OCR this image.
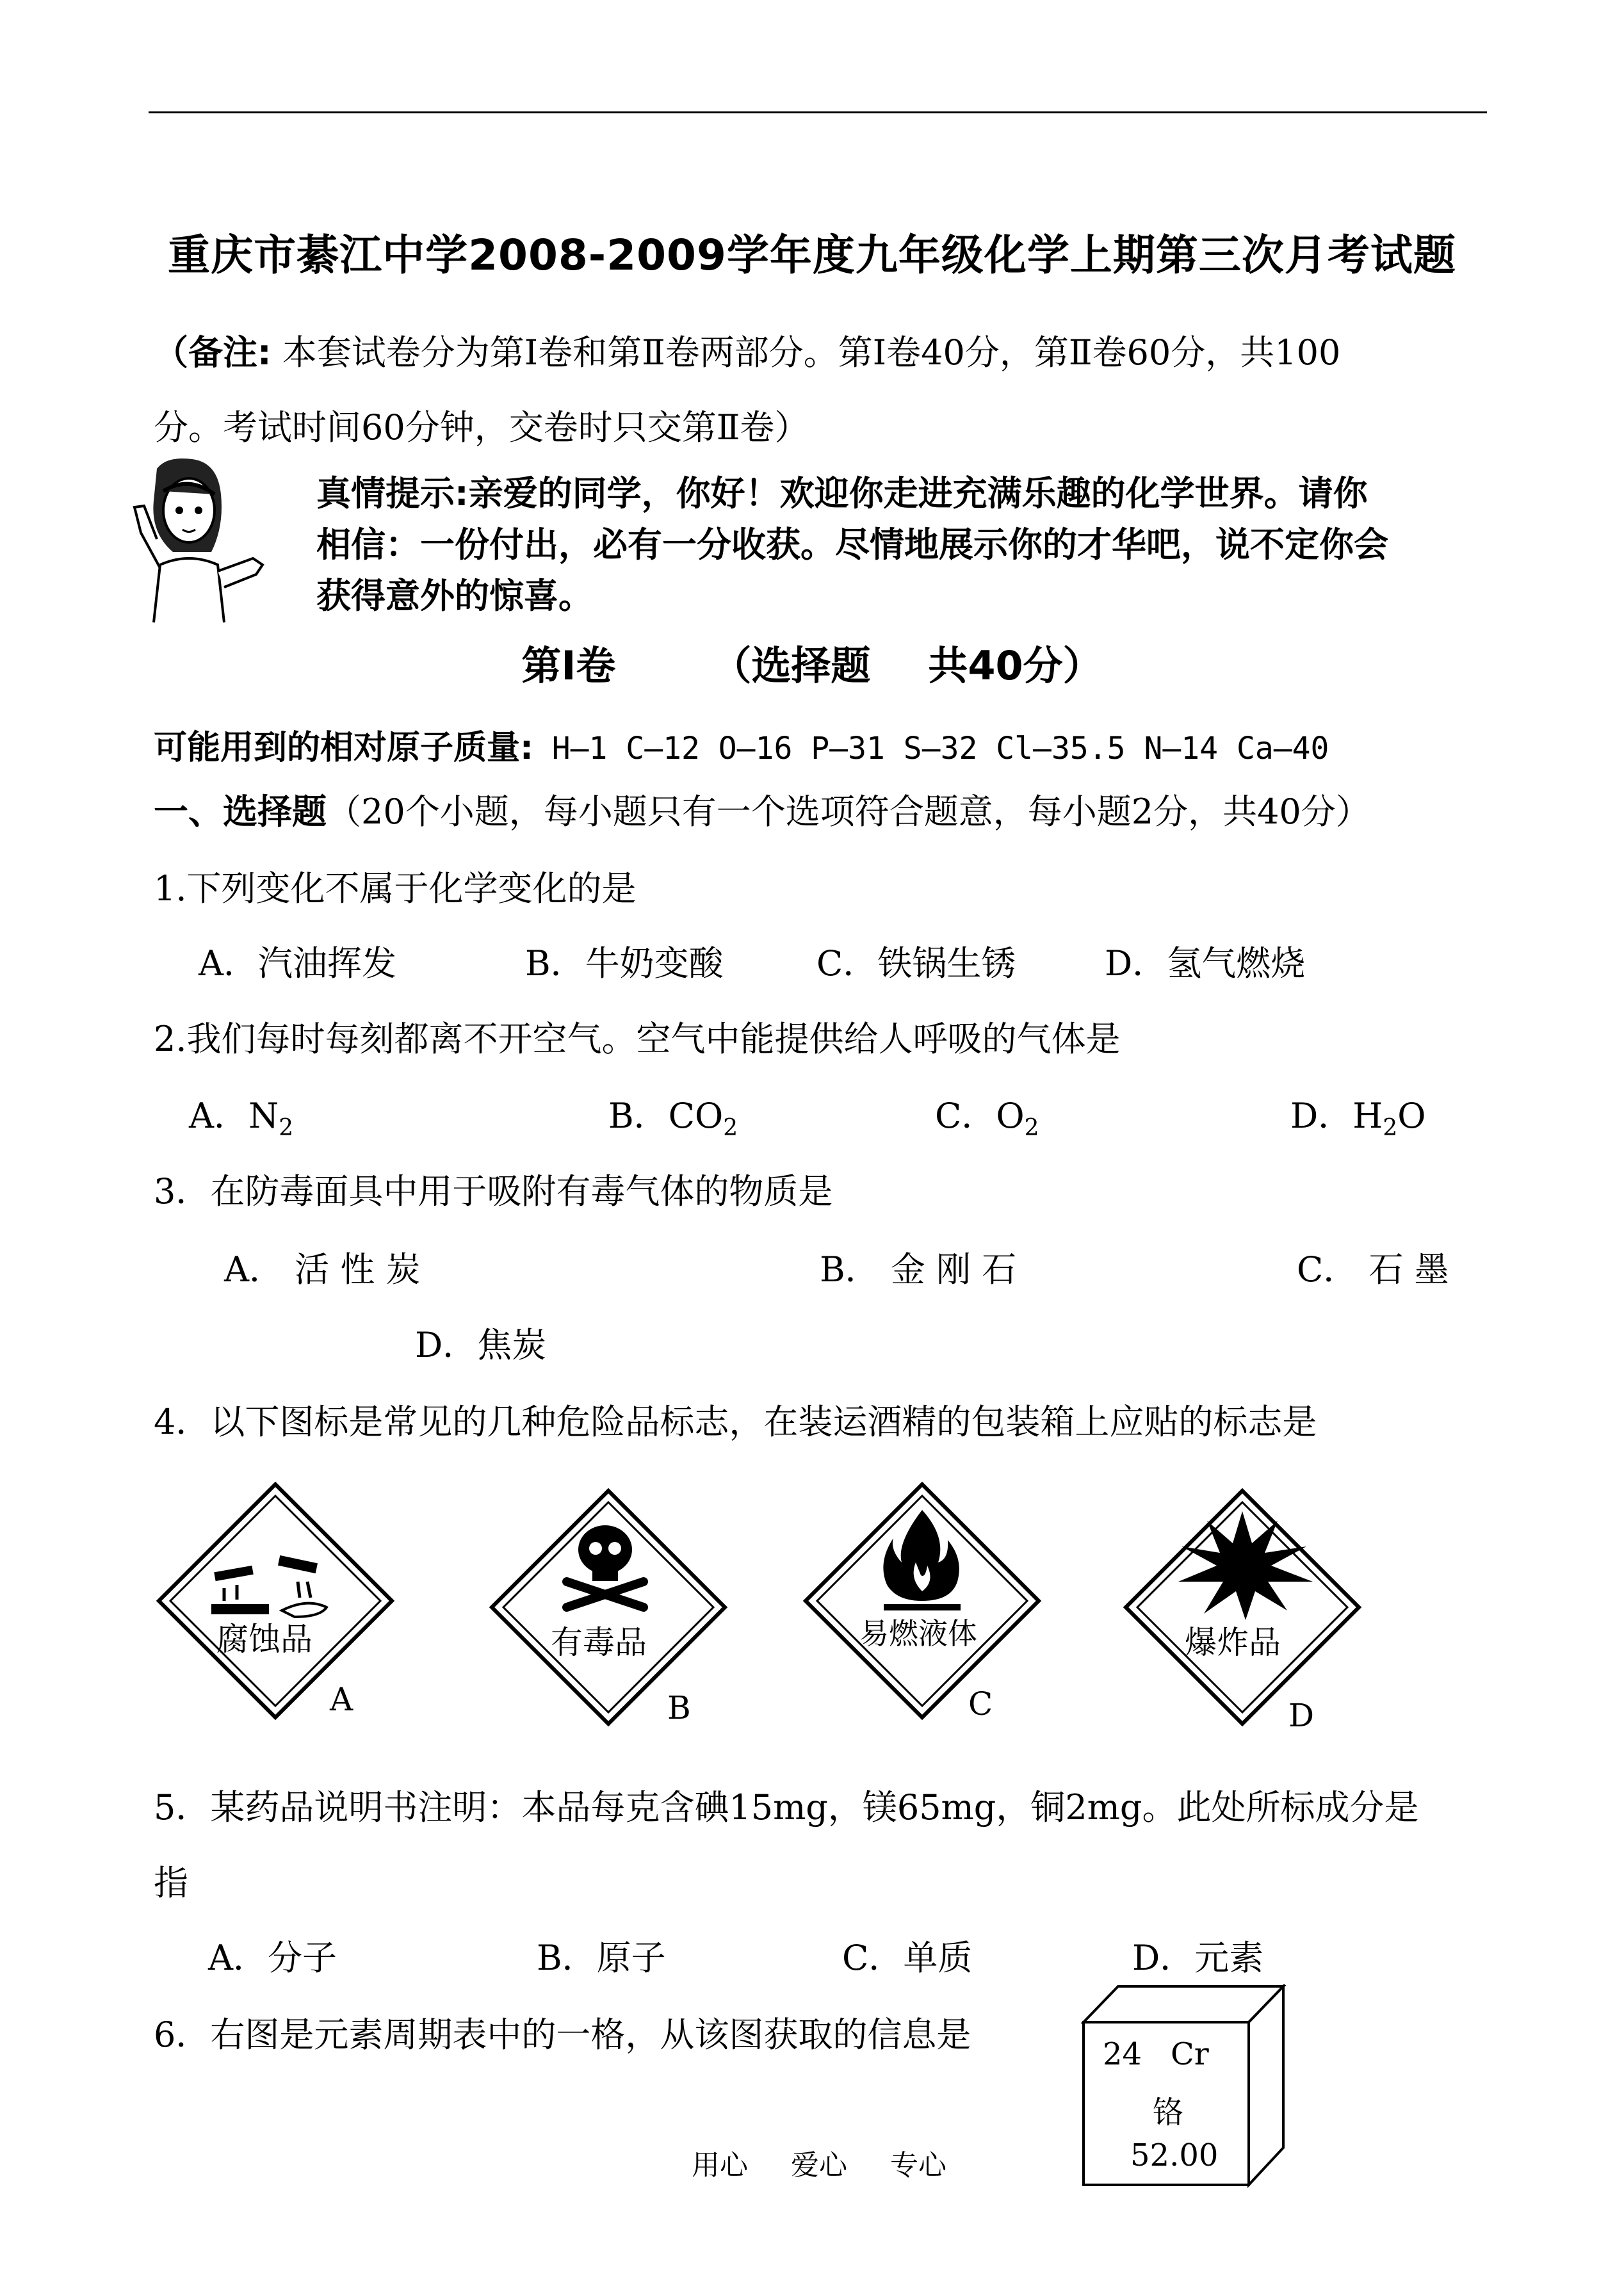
重庆市綦江中学2008-2009学年度九年级化学上期第三次月考试题
（备注: 本套试卷分为第Ⅰ卷和第Ⅱ卷两部分。第Ⅰ卷40分，第Ⅱ卷60分，共100
分。考试时间60分钟，交卷时只交第Ⅱ卷）
真情提示:亲爱的同学，你好！欢迎你走进充满乐趣的化学世界。请你
相信：一份付出，必有一分收获。尽情地展示你的才华吧，说不定你会
获得意外的惊喜。
第Ⅰ卷 （选择题 共40分）
可能用到的相对原子质量: H—1 C—12 O—16 P—31 S—32 Cl—35.5 N—14 Ca—40
一、选择题（20个小题，每小题只有一个选项符合题意，每小题2分，共40分）
1.下列变化不属于化学变化的是
A．汽油挥发	B．牛奶变酸	C．铁锅生锈	D．氢气燃烧
2.我们每时每刻都离不开空气。空气中能提供给人呼吸的气体是
A．$N_2$	B．$CO_2$	C．$O_2$	D．$H_2O$
3．在防毒面具中用于吸附有毒气体的物质是
A． 活 性 炭	B． 金 刚 石	C． 石 墨
D．焦炭
4．以下图标是常见的几种危险品标志，在装运酒精的包装箱上应贴的标志是
腐蚀品
A
有毒品
B
易燃液体
C
爆炸品
D
5．某药品说明书注明：本品每克含碘15mg，镁65mg，铜2mg。此处所标成分是
指
A．分子	B．原子	C．单质	D．元素
6．右图是元素周期表中的一格，从该图获取的信息是	24 Cr
铬
52.00
用心 爱心 专心
